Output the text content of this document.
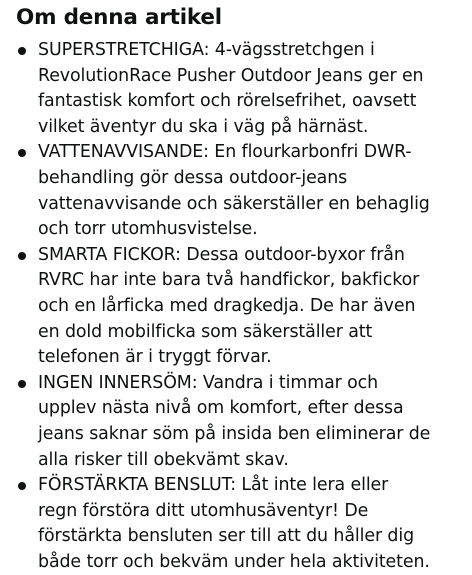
Om denna artikel
SUPERSTRETCHIGA: 4-vägsstretchgen i
RevolutionRace Pusher Outdoor Jeans ger en
fantastisk komfort och rörelsefrihet, oavsett
vilket äventyr du ska i väg på härnäst.
VATTENAVVISANDE: En flourkarbonfri DWR-
behandling gör dessa outdoor-jeans
vattenavvisande och säkerställer en behaglig
och torr utomhusvistelse.
SMARTA FICKOR: Dessa outdoor-byxor från
RVRC har inte bara två handfickor, bakfickor
och en lårficka med dragkedja. De har även
en dold mobilficka som säkerställer att
telefonen är i tryggt förvar.
INGEN INNERSÖM: Vandra i timmar och
upplev nästa nivå om komfort, efter dessa
jeans saknar söm på insida ben eliminerar de
alla risker till obekvämt skav.
FÖRSTÄRKTA BENSLUT: Låt inte lera eller
regn förstöra ditt utomhusäventyr! De
förstärkta bensluten ser till att du håller dig
både torr och bekväm under hela aktiviteten.
